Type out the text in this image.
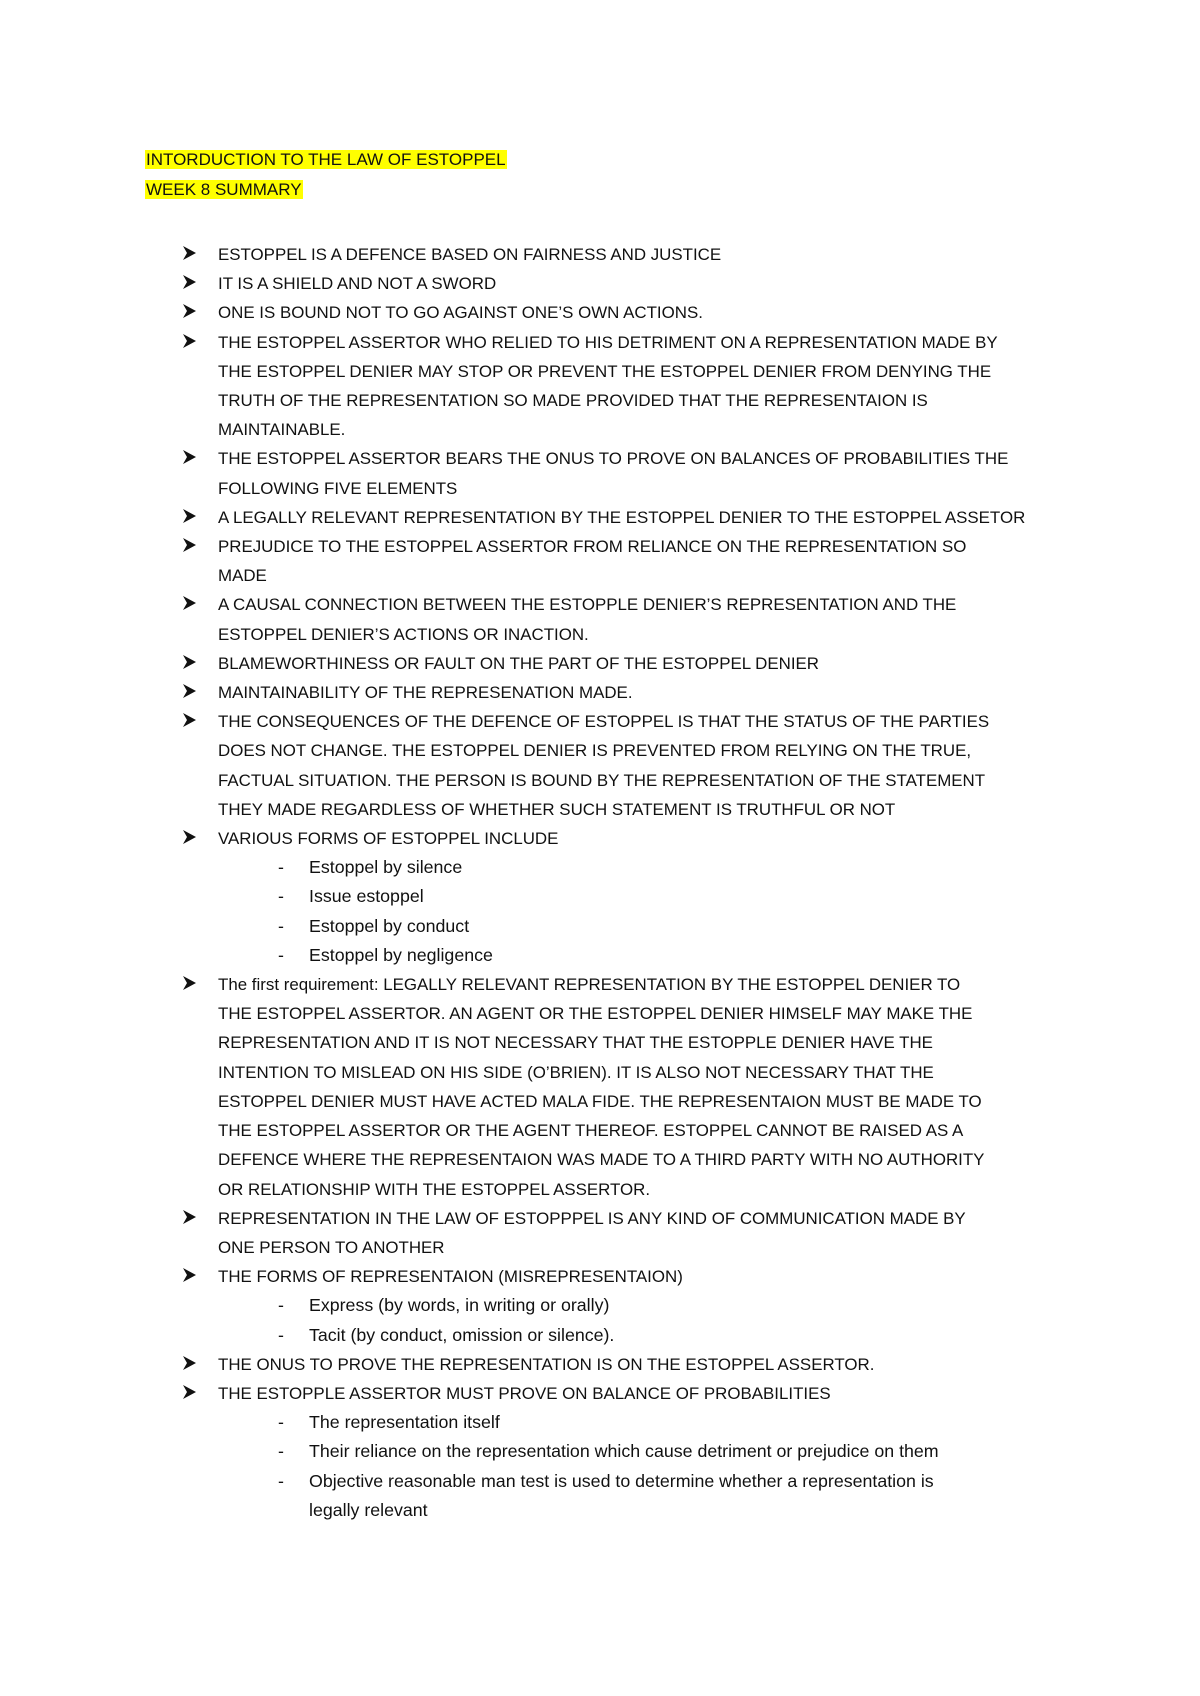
INTORDUCTION TO THE LAW OF ESTOPPEL
WEEK 8 SUMMARY
ESTOPPEL IS A DEFENCE BASED ON FAIRNESS AND JUSTICE
IT IS A SHIELD AND NOT A SWORD
ONE IS BOUND NOT TO GO AGAINST ONE’S OWN ACTIONS.
THE ESTOPPEL ASSERTOR WHO RELIED TO HIS DETRIMENT ON A REPRESENTATION MADE BY
THE ESTOPPEL DENIER MAY STOP OR PREVENT THE ESTOPPEL DENIER FROM DENYING THE
TRUTH OF THE REPRESENTATION SO MADE PROVIDED THAT THE REPRESENTAION IS
MAINTAINABLE.
THE ESTOPPEL ASSERTOR BEARS THE ONUS TO PROVE ON BALANCES OF PROBABILITIES THE
FOLLOWING FIVE ELEMENTS
A LEGALLY RELEVANT REPRESENTATION BY THE ESTOPPEL DENIER TO THE ESTOPPEL ASSETOR
PREJUDICE TO THE ESTOPPEL ASSERTOR FROM RELIANCE ON THE REPRESENTATION SO
MADE
A CAUSAL CONNECTION BETWEEN THE ESTOPPLE DENIER’S REPRESENTATION AND THE
ESTOPPEL DENIER’S ACTIONS OR INACTION.
BLAMEWORTHINESS OR FAULT ON THE PART OF THE ESTOPPEL DENIER
MAINTAINABILITY OF THE REPRESENATION MADE.
THE CONSEQUENCES OF THE DEFENCE OF ESTOPPEL IS THAT THE STATUS OF THE PARTIES
DOES NOT CHANGE. THE ESTOPPEL DENIER IS PREVENTED FROM RELYING ON THE TRUE,
FACTUAL SITUATION. THE PERSON IS BOUND BY THE REPRESENTATION OF THE STATEMENT
THEY MADE REGARDLESS OF WHETHER SUCH STATEMENT IS TRUTHFUL OR NOT
VARIOUS FORMS OF ESTOPPEL INCLUDE
- Estoppel by silence
- Issue estoppel
- Estoppel by conduct
- Estoppel by negligence
The first requirement: LEGALLY RELEVANT REPRESENTATION BY THE ESTOPPEL DENIER TO
THE ESTOPPEL ASSERTOR. AN AGENT OR THE ESTOPPEL DENIER HIMSELF MAY MAKE THE
REPRESENTATION AND IT IS NOT NECESSARY THAT THE ESTOPPLE DENIER HAVE THE
INTENTION TO MISLEAD ON HIS SIDE (O’BRIEN). IT IS ALSO NOT NECESSARY THAT THE
ESTOPPEL DENIER MUST HAVE ACTED MALA FIDE. THE REPRESENTAION MUST BE MADE TO
THE ESTOPPEL ASSERTOR OR THE AGENT THEREOF. ESTOPPEL CANNOT BE RAISED AS A
DEFENCE WHERE THE REPRESENTAION WAS MADE TO A THIRD PARTY WITH NO AUTHORITY
OR RELATIONSHIP WITH THE ESTOPPEL ASSERTOR.
REPRESENTATION IN THE LAW OF ESTOPPPEL IS ANY KIND OF COMMUNICATION MADE BY
ONE PERSON TO ANOTHER
THE FORMS OF REPRESENTAION (MISREPRESENTAION)
- Express (by words, in writing or orally)
- Tacit (by conduct, omission or silence).
THE ONUS TO PROVE THE REPRESENTATION IS ON THE ESTOPPEL ASSERTOR.
THE ESTOPPLE ASSERTOR MUST PROVE ON BALANCE OF PROBABILITIES
- The representation itself
- Their reliance on the representation which cause detriment or prejudice on them
- Objective reasonable man test is used to determine whether a representation is
legally relevant
